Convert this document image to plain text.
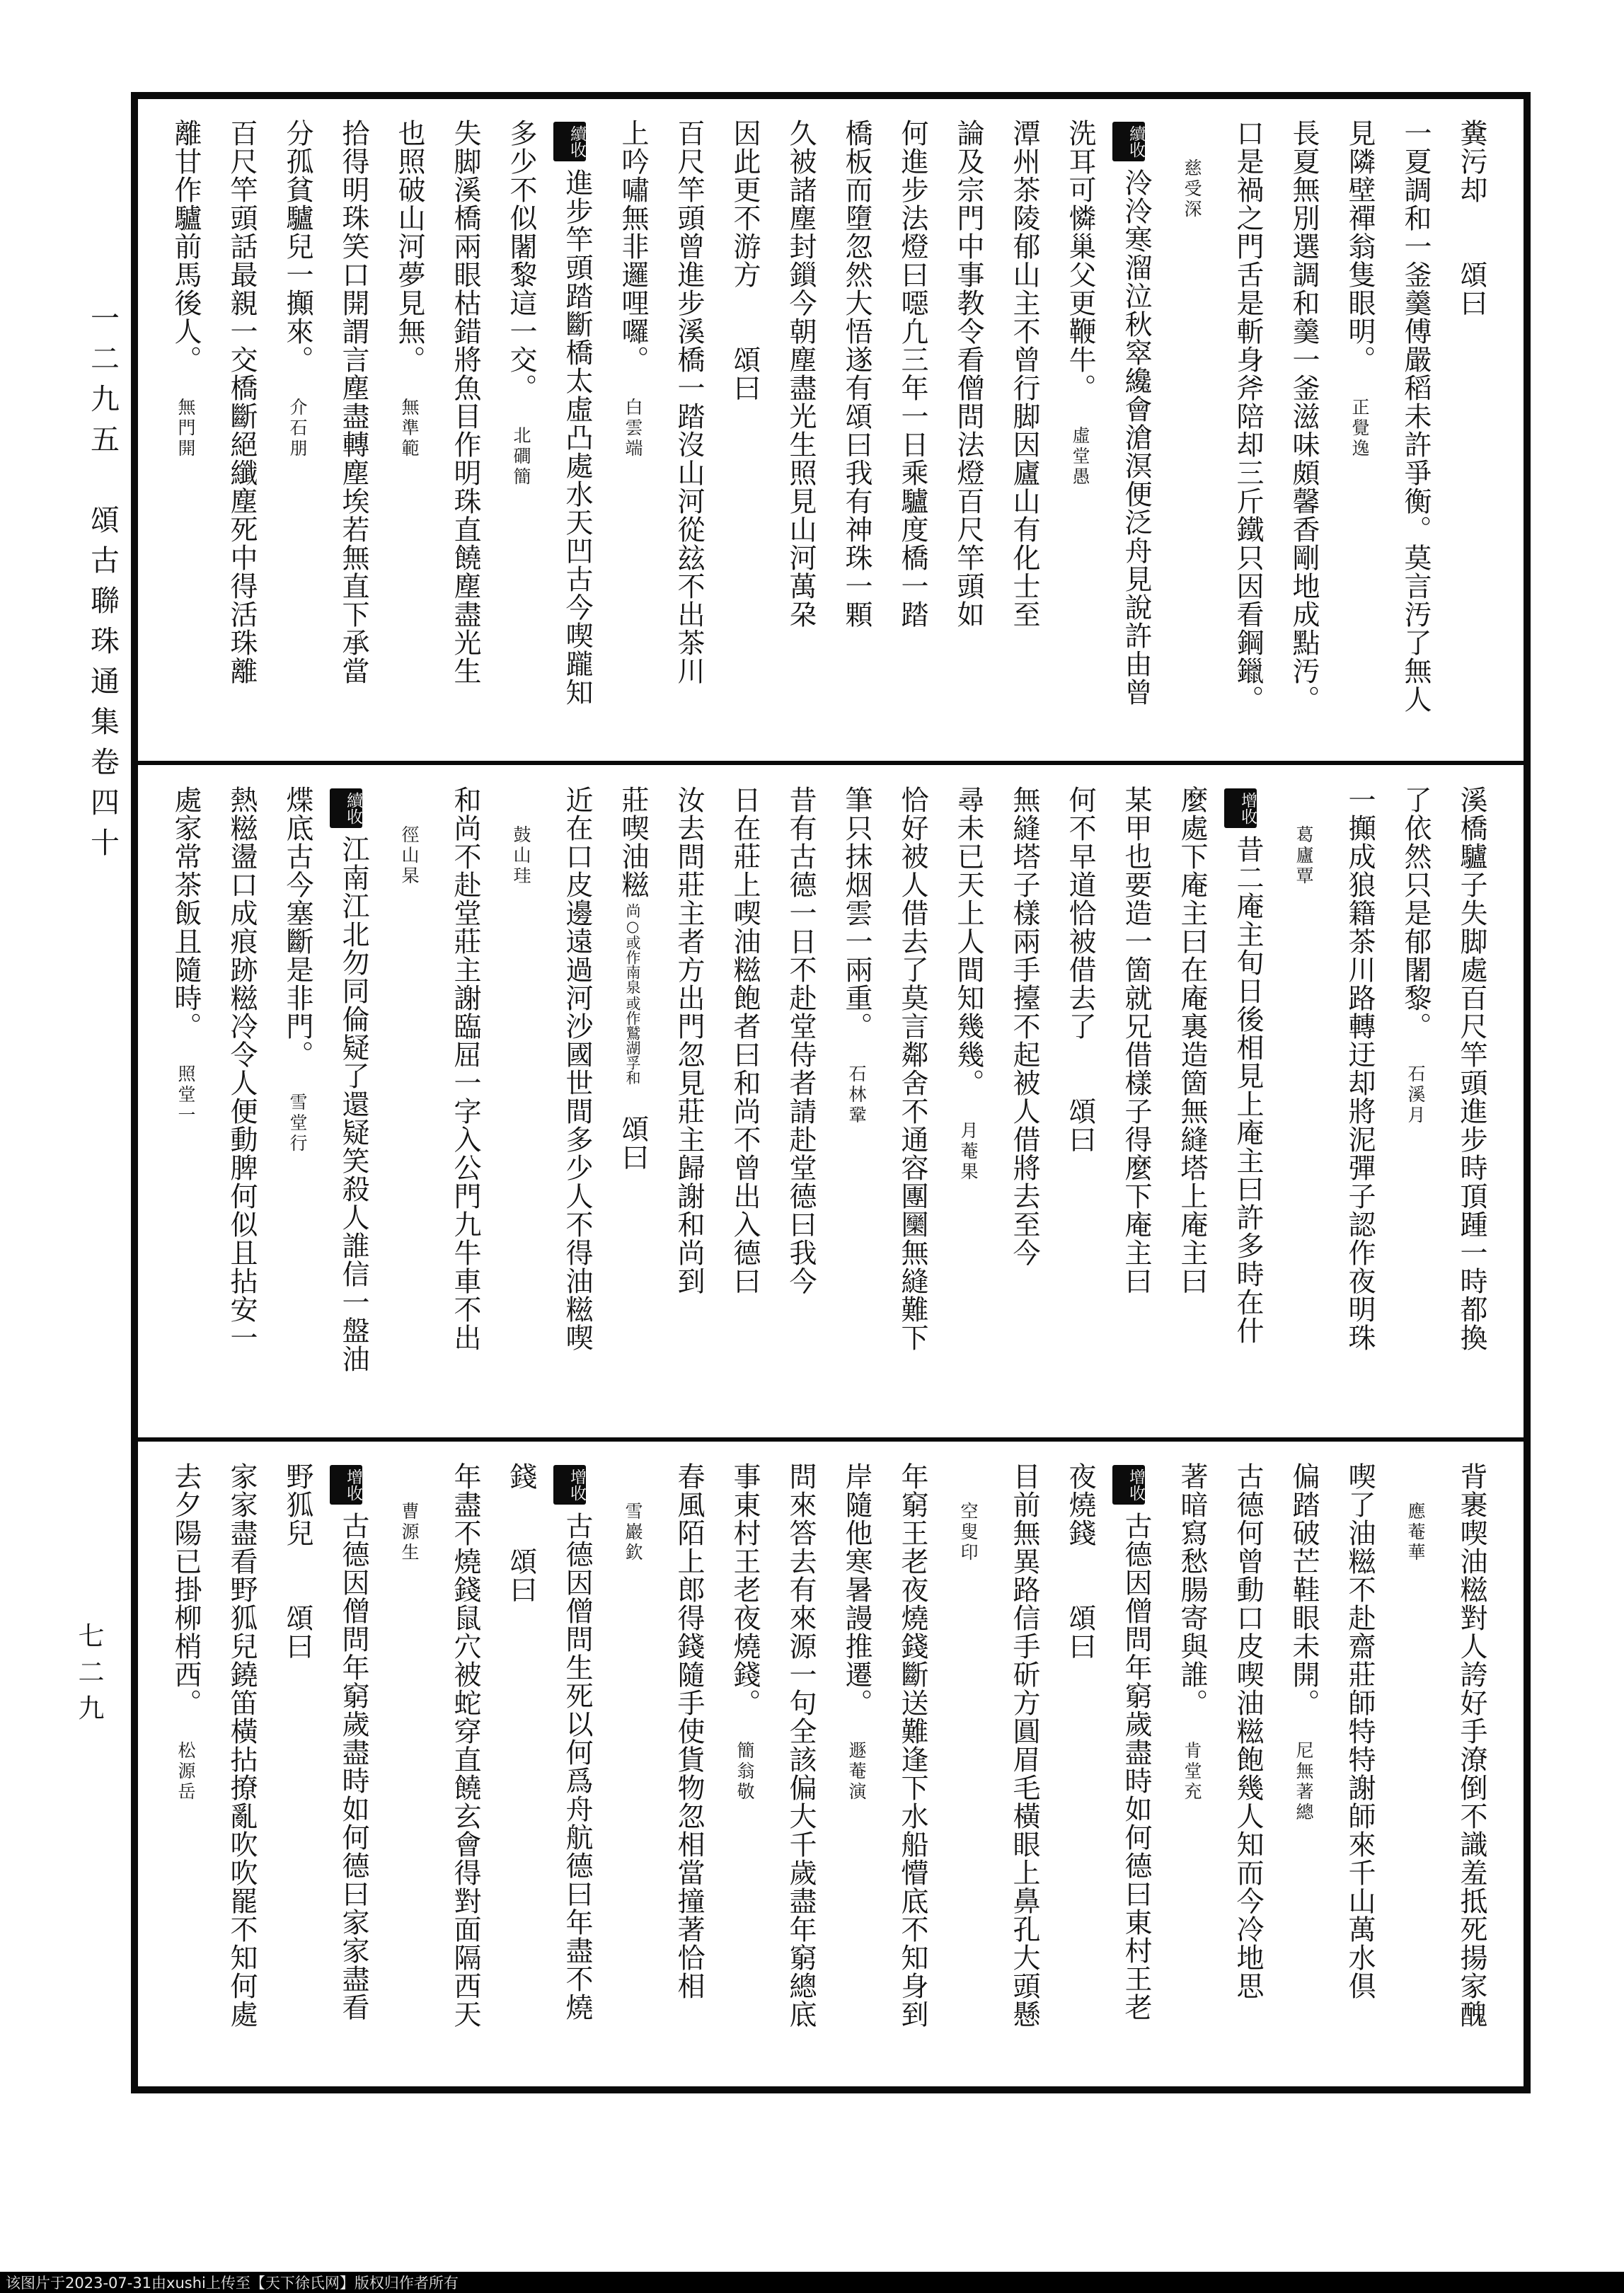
一二九五　頌古聯珠通集卷四十
七二九
糞污却　　頌曰
一夏調和一釜羹傅嚴稻未許爭衡。莫言汚了無人
見隣壁禪翁隻眼明。正覺逸
長夏無別選調和羹一釜滋味頗馨香剛地成點汚。
口是禍之門舌是斬身斧陪却三斤鐵只因看鋼鑞。
慈受深
續收泠泠寒溜泣秋窣纔會滄溟便泛舟見說許由曾
洗耳可憐巢父更鞭牛。虛堂愚
潭州茶陵郁山主不曾行脚因廬山有化士至
論及宗門中事教令看僧問法燈百尺竿頭如
何進步法燈曰噁凢三年一日乘驢度橋一踏
橋板而墮忽然大悟遂有頌曰我有神珠一顆
久被諸塵封鎻今朝塵盡光生照見山河萬朶
因此更不游方　　頌曰
百尺竿頭曾進步溪橋一踏沒山河從玆不出茶川
上吟嘯無非邏哩囉。白雲端
續收進步竿頭踏斷橋太虛凸處水天凹古今喫躘知
多少不似闍黎這一交。北磵簡
失脚溪橋兩眼枯錯將魚目作明珠直饒塵盡光生
也照破山河夢見無。無準範
拾得明珠笑口開謂言塵盡轉塵埃若無直下承當
分孤貧驢兒一攧來。介石朋
百尺竿頭話最親一交橋斷絕纖塵死中得活珠離
離甘作驢前馬後人。無門開
溪橋驢子失脚處百尺竿頭進步時頂踵一時都換
了依然只是郁闍黎。石溪月
一攧成狼籍茶川路轉迂却將泥彈子認作夜明珠
葛廬覃
增收昔二庵主旬日後相見上庵主曰許多時在什
麼處下庵主曰在庵裏造箇無縫塔上庵主曰
某甲也要造一箇就兄借樣子得麼下庵主曰
何不早道恰被借去了　　頌曰
無縫塔子樣兩手擡不起被人借將去至今
尋未已天上人間知幾幾。月菴果
恰好被人借去了莫言鄰舍不通容團圞無縫難下
筆只抹烟雲一兩重。石林鞏
昔有古德一日不赴堂侍者請赴堂德曰我今
日在莊上喫油糍飽者曰和尚不曾出入德曰
汝去問莊主者方出門忽見莊主歸謝和尚到
莊喫油糍
或作鷲湖孚和
尚○或作南泉
　頌曰
近在口皮邊遠過河沙國世間多少人不得油糍喫
鼓山珪
和尚不赴堂莊主謝臨屈一字入公門九牛車不出
徑山杲
續收江南江北勿同倫疑了還疑笑殺人誰信一盤油
煠底古今塞斷是非門。雪堂行
熱糍盪口成痕跡糍冷令人便動脾何似且拈安一
處家常茶飯且隨時。照堂一
背裹喫油糍對人誇好手潦倒不識羞抵死揚家醜
應菴華
喫了油糍不赴齋莊師特特謝師來千山萬水倶
偏踏破芒鞋眼未開。尼無著總
古德何曾動口皮喫油糍飽幾人知而今冷地思
著暗寫愁腸寄與誰。肯堂充
增收古德因僧問年窮歲盡時如何德曰東村王老
夜燒錢　　頌曰
目前無異路信手斫方圓眉毛橫眼上鼻孔大頭懸
空叟印
年窮王老夜燒錢斷送難逢下水船懵底不知身到
岸隨他寒暑謾推遷。遯菴演
問來答去有來源一句全該偏大千歲盡年窮總底
事東村王老夜燒錢。簡翁敬
春風陌上郎得錢隨手使貨物忽相當撞著恰相
雪巖欽
增收古德因僧問生死以何爲舟航德曰年盡不燒
錢　　頌曰
年盡不燒錢鼠穴被蛇穿直饒玄會得對面隔西天
曹源生
增收古德因僧問年窮歲盡時如何德曰家家盡看
野狐兒　　頌曰
家家盡看野狐兒鐃笛橫拈撩亂吹吹罷不知何處
去夕陽已掛柳梢西。松源岳
该图片于2023-07-31由xushi上传至【天下徐氏网】版权归作者所有
